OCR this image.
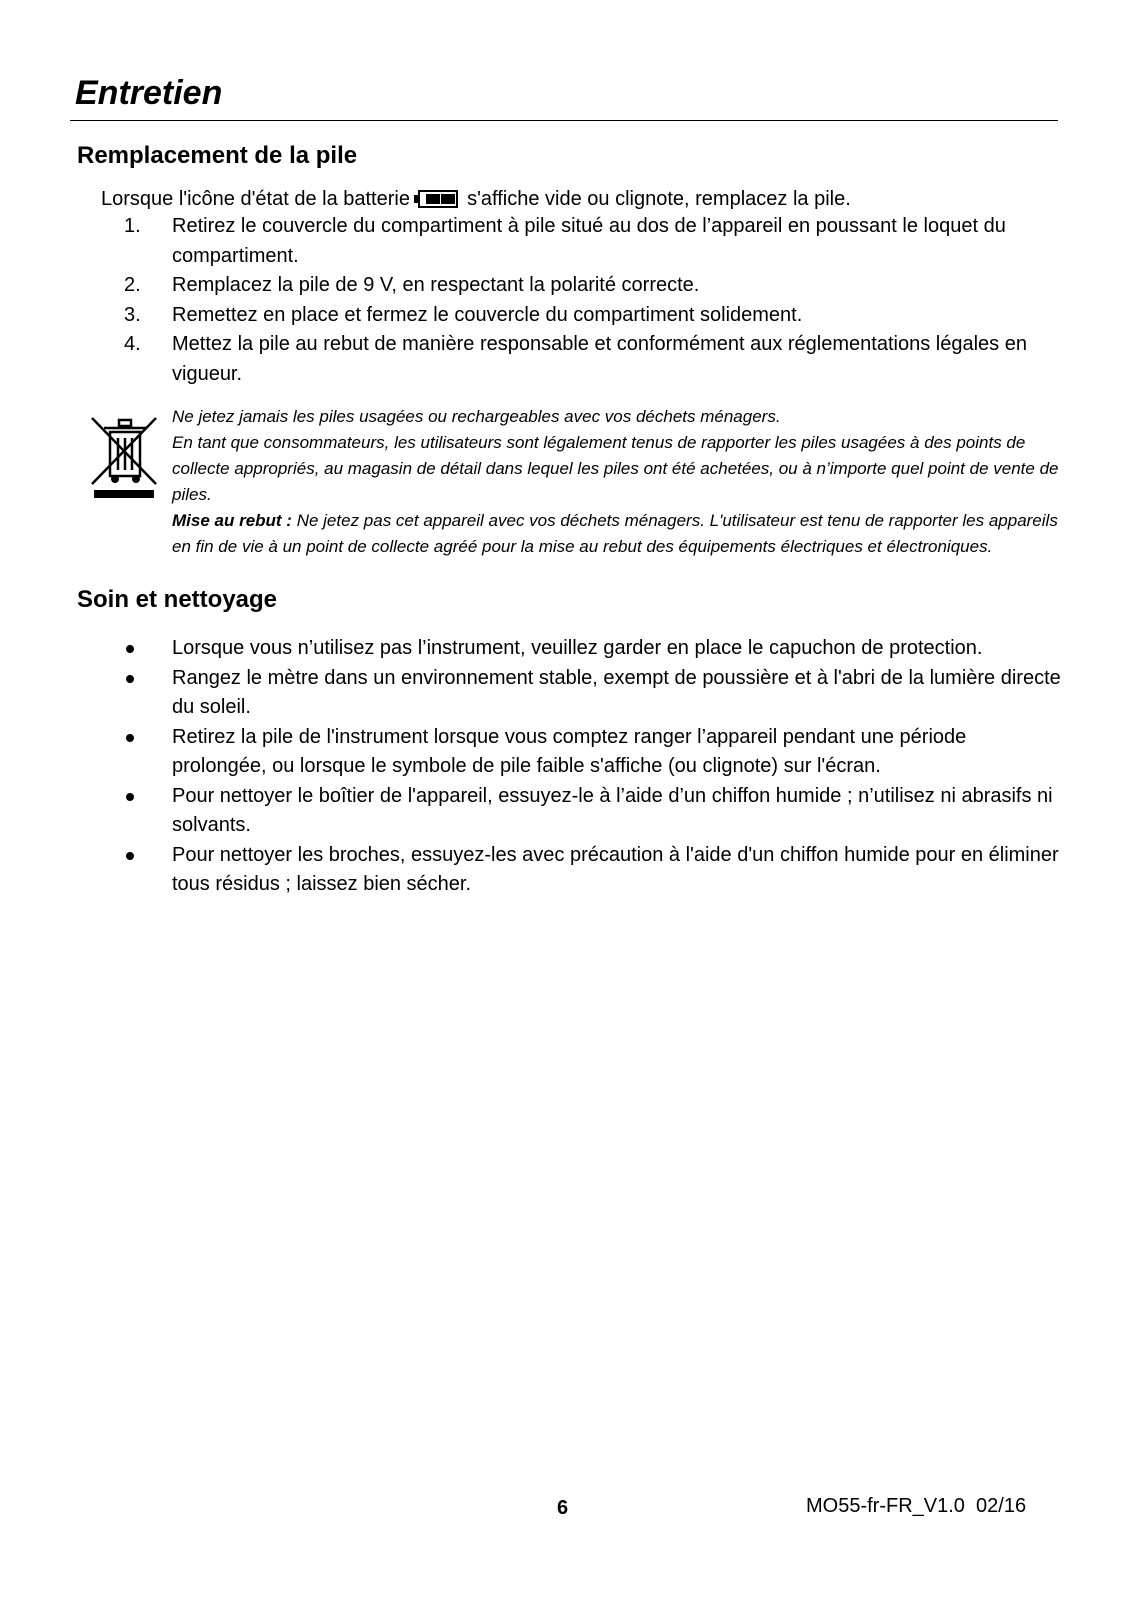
Entretien
Remplacement de la pile
Lorsque l'icône d'état de la batterie	s'affiche vide ou clignote, remplacez la pile.
1. Retirez le couvercle du compartiment à pile situé au dos de l’appareil en poussant le loquet du compartiment.
2. Remplacez la pile de 9 V, en respectant la polarité correcte.
3. Remettez en place et fermez le couvercle du compartiment solidement.
4. Mettez la pile au rebut de manière responsable et conformément aux réglementations légales en vigueur.

Ne jetez jamais les piles usagées ou rechargeables avec vos déchets ménagers.

En tant que consommateurs, les utilisateurs sont légalement tenus de rapporter les piles usagées à des points de collecte appropriés, au magasin de détail dans lequel les piles ont été achetées, ou à n’importe quel point de vente de piles.

Mise au rebut : Ne jetez pas cet appareil avec vos déchets ménagers. L'utilisateur est tenu de rapporter les appareils en fin de vie à un point de collecte agréé pour la mise au rebut des équipements électriques et électroniques.

Soin et nettoyage
Lorsque vous n’utilisez pas l’instrument, veuillez garder en place le capuchon de protection.
Rangez le mètre dans un environnement stable, exempt de poussière et à l'abri de la lumière directe du soleil.
Retirez la pile de l'instrument lorsque vous comptez ranger l’appareil pendant une période prolongée, ou lorsque le symbole de pile faible s'affiche (ou clignote) sur l'écran.
Pour nettoyer le boîtier de l'appareil, essuyez-le à l’aide d’un chiffon humide ; n’utilisez ni abrasifs ni solvants.
Pour nettoyer les broches, essuyez-les avec précaution à l'aide d'un chiffon humide pour en éliminer tous résidus ; laissez bien sécher.
6	MO55-fr-FR_V1.0  02/16
